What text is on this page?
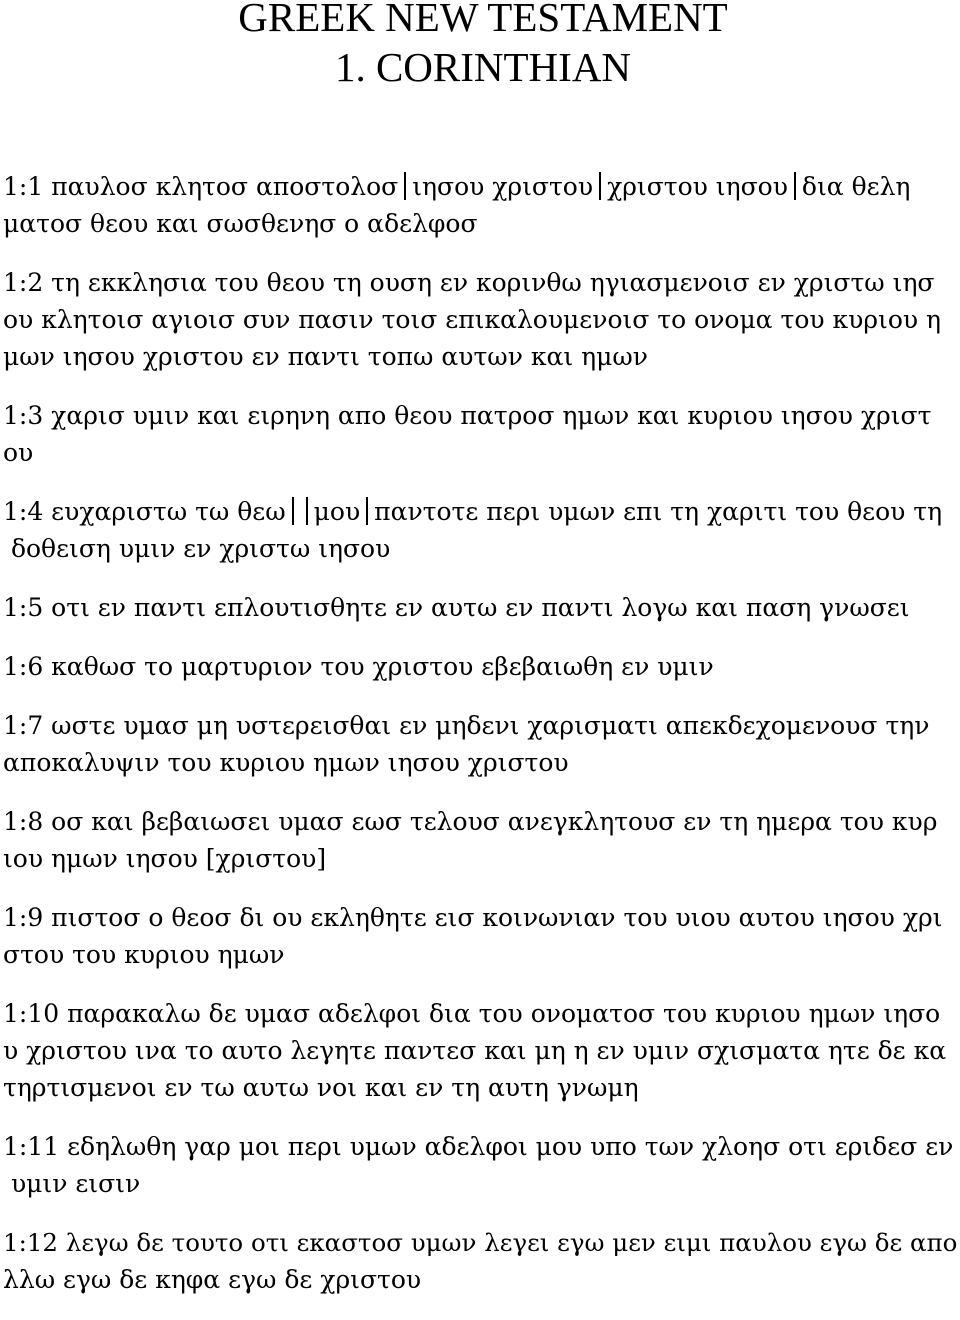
GREEK NEW TESTAMENT
1. CORINTHIAN
1:1 παυλοσ κλητοσ αποστολοσ ιησου χριστου χριστου ιησου δια θελη
ματοσ θεου και σωσθενησ ο αδελφοσ
1:2 τη εκκλησια του θεου τη ουση εν κορινθω ηγιασμενοισ εν χριστω ιησ
ου κλητοισ αγιοισ συν πασιν τοισ επικαλουμενοισ το ονομα του κυριου η
μων ιησου χριστου εν παντι τοπω αυτων και ημων
1:3 χαρισ υμιν και ειρηνη απο θεου πατροσ ημων και κυριου ιησου χριστ
ου
1:4 ευχαριστω τω θεω μου παντοτε περι υμων επι τη χαριτι του θεου τη
δοθειση υμιν εν χριστω ιησου
1:5 οτι εν παντι επλουτισθητε εν αυτω εν παντι λογω και παση γνωσει
1:6 καθωσ το μαρτυριον του χριστου εβεβαιωθη εν υμιν
1:7 ωστε υμασ μη υστερεισθαι εν μηδενι χαρισματι απεκδεχομενουσ την
αποκαλυψιν του κυριου ημων ιησου χριστου
1:8 οσ και βεβαιωσει υμασ εωσ τελουσ ανεγκλητουσ εν τη ημερα του κυρ
ιου ημων ιησου [χριστου]
1:9 πιστοσ ο θεοσ δι ου εκληθητε εισ κοινωνιαν του υιου αυτου ιησου χρι
στου του κυριου ημων
1:10 παρακαλω δε υμασ αδελφοι δια του ονοματοσ του κυριου ημων ιησο
υ χριστου ινα το αυτο λεγητε παντεσ και μη η εν υμιν σχισματα ητε δε κα
τηρτισμενοι εν τω αυτω νοι και εν τη αυτη γνωμη
1:11 εδηλωθη γαρ μοι περι υμων αδελφοι μου υπο των χλοησ οτι εριδεσ εν
υμιν εισιν
1:12 λεγω δε τουτο οτι εκαστοσ υμων λεγει εγω μεν ειμι παυλου εγω δε απο
λλω εγω δε κηφα εγω δε χριστου
